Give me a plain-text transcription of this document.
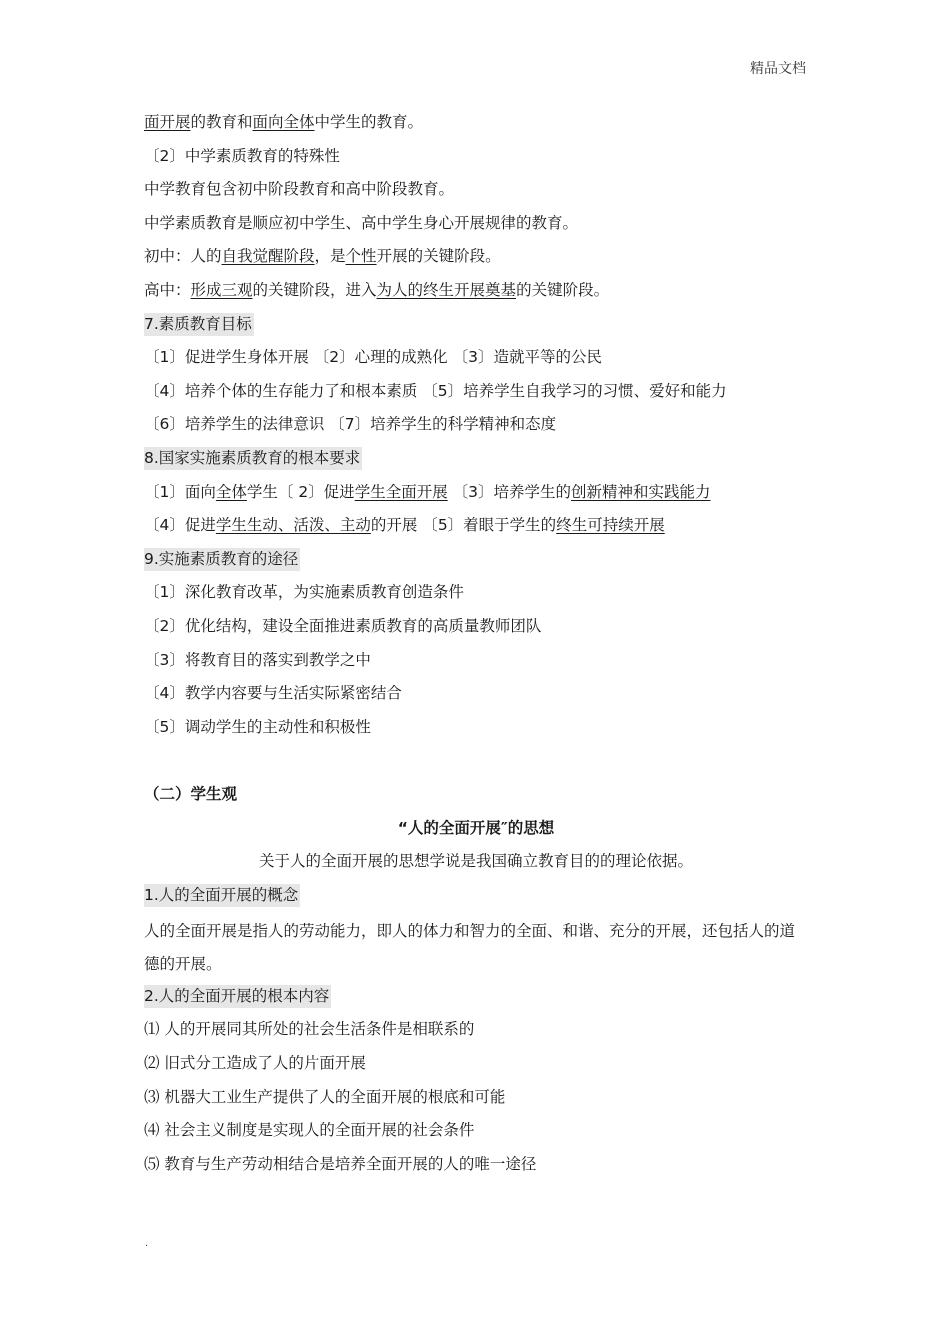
精品文档
面开展的教育和面向全体中学生的教育。
〔2〕中学素质教育的特殊性
中学教育包含初中阶段教育和高中阶段教育。
中学素质教育是顺应初中学生、高中学生身心开展规律的教育。
初中：人的自我觉醒阶段，是个性开展的关键阶段。
高中：形成三观的关键阶段，进入为人的终生开展奠基的关键阶段。
7.素质教育目标
〔1〕促进学生身体开展 〔2〕心理的成熟化 〔3〕造就平等的公民
〔4〕培养个体的生存能力了和根本素质 〔5〕培养学生自我学习的习惯、爱好和能力
〔6〕培养学生的法律意识 〔7〕培养学生的科学精神和态度
8.国家实施素质教育的根本要求
〔1〕面向全体学生〔 2〕促进学生全面开展 〔3〕培养学生的创新精神和实践能力
〔4〕促进学生生动、活泼、主动的开展 〔5〕着眼于学生的终生可持续开展
9.实施素质教育的途径
〔1〕深化教育改革，为实施素质教育创造条件
〔2〕优化结构，建设全面推进素质教育的高质量教师团队
〔3〕将教育目的落实到教学之中
〔4〕教学内容要与生活实际紧密结合
〔5〕调动学生的主动性和积极性
（二）学生观
“人的全面开展″的思想
关于人的全面开展的思想学说是我国确立教育目的的理论依据。
1.人的全面开展的概念
人的全面开展是指人的劳动能力，即人的体力和智力的全面、和谐、充分的开展，还包括人的道德的开展。
2.人的全面开展的根本内容
⑴ 人的开展同其所处的社会生活条件是相联系的
⑵ 旧式分工造成了人的片面开展
⑶ 机器大工业生产提供了人的全面开展的根底和可能
⑷ 社会主义制度是实现人的全面开展的社会条件
⑸ 教育与生产劳动相结合是培养全面开展的人的唯一途径
.
